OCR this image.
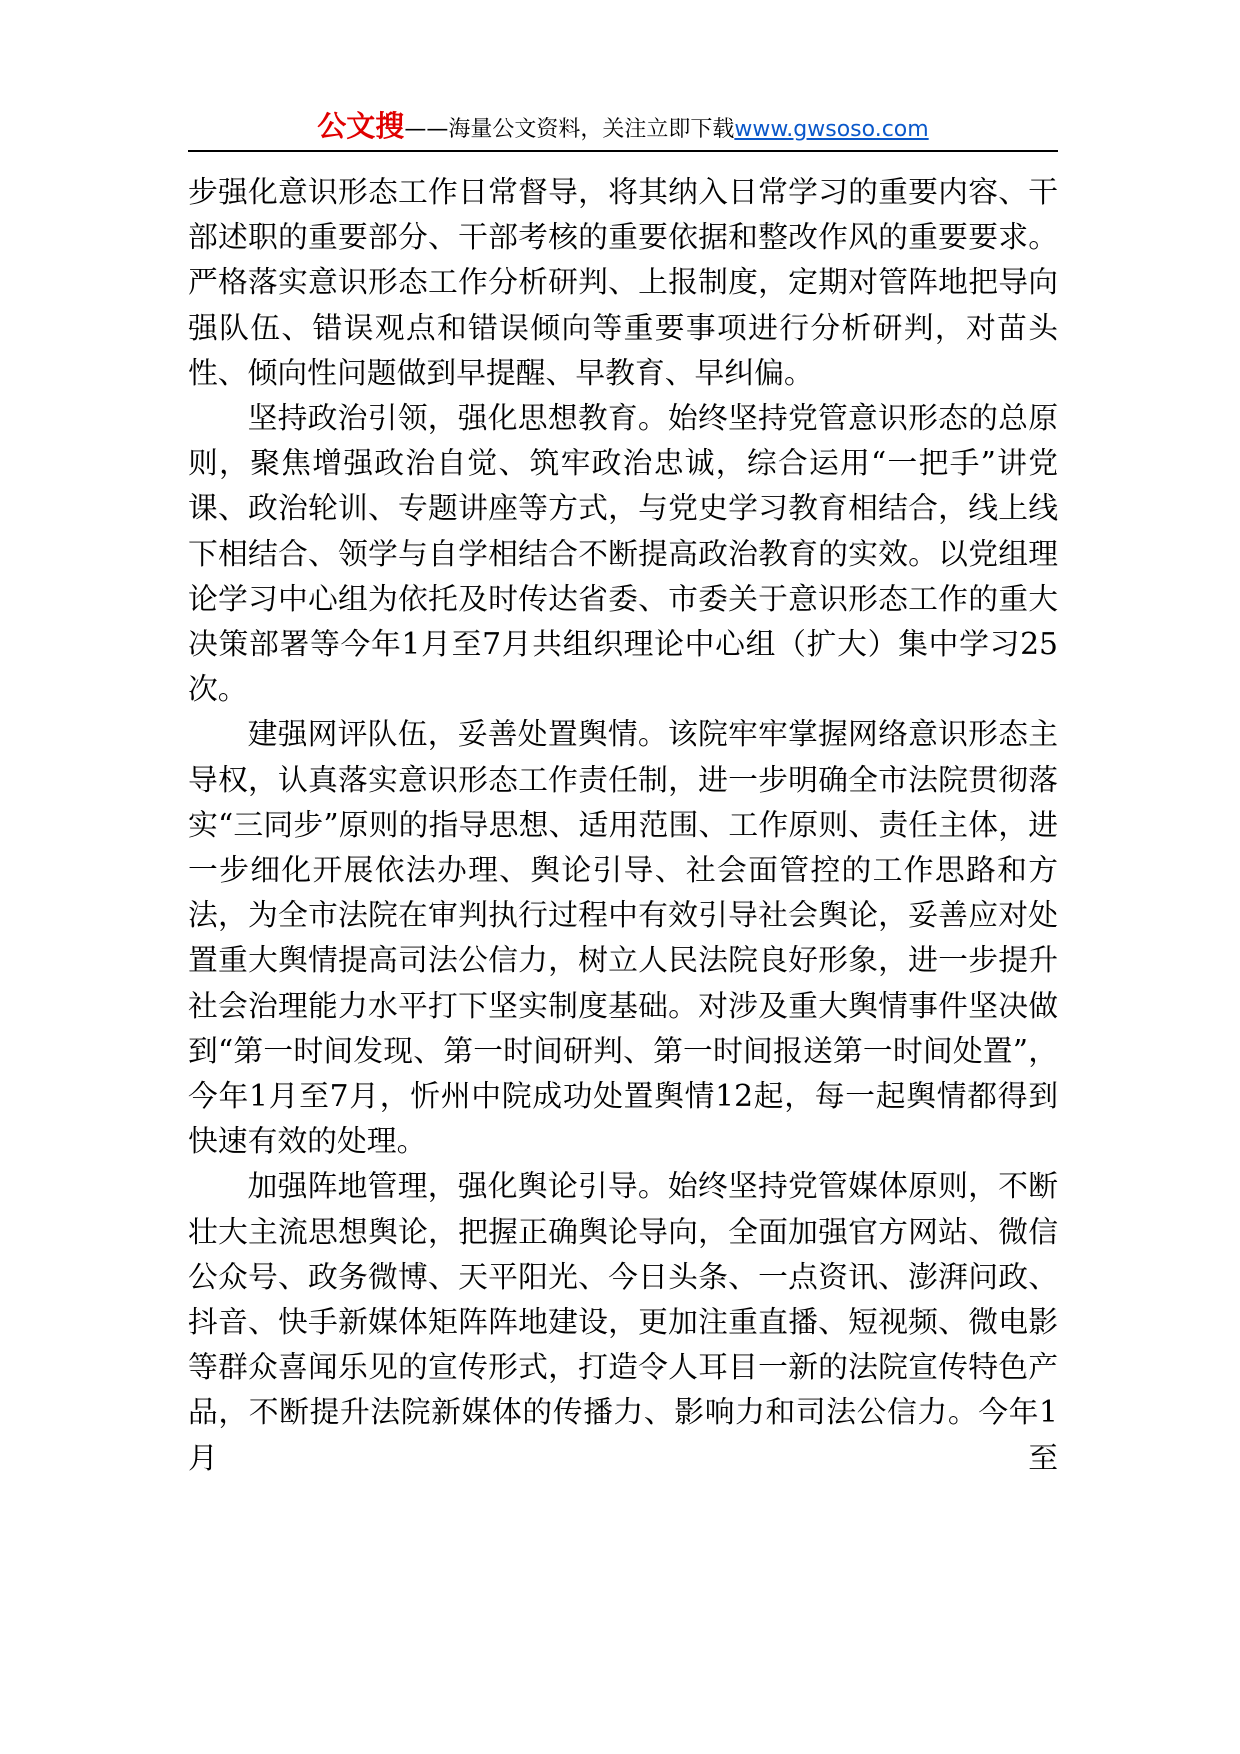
公文搜——海量公文资料，关注立即下载www.gwsoso.com

步强化意识形态工作日常督导，将其纳入日常学习的重要内容、干部述职的重要部分、干部考核的重要依据和整改作风的重要要求。严格落实意识形态工作分析研判、上报制度，定期对管阵地把导向强队伍、错误观点和错误倾向等重要事项进行分析研判，对苗头性、倾向性问题做到早提醒、早教育、早纠偏。

坚持政治引领，强化思想教育。始终坚持党管意识形态的总原则，聚焦增强政治自觉、筑牢政治忠诚，综合运用“一把手”讲党课、政治轮训、专题讲座等方式，与党史学习教育相结合，线上线下相结合、领学与自学相结合不断提高政治教育的实效。以党组理论学习中心组为依托及时传达省委、市委关于意识形态工作的重大决策部署等今年1月至7月共组织理论中心组（扩大）集中学习25次。

建强网评队伍，妥善处置舆情。该院牢牢掌握网络意识形态主导权，认真落实意识形态工作责任制，进一步明确全市法院贯彻落实“三同步”原则的指导思想、适用范围、工作原则、责任主体，进一步细化开展依法办理、舆论引导、社会面管控的工作思路和方法，为全市法院在审判执行过程中有效引导社会舆论，妥善应对处置重大舆情提高司法公信力，树立人民法院良好形象，进一步提升社会治理能力水平打下坚实制度基础。对涉及重大舆情事件坚决做到“第一时间发现、第一时间研判、第一时间报送第一时间处置”，今年1月至7月，忻州中院成功处置舆情12起，每一起舆情都得到快速有效的处理。

加强阵地管理，强化舆论引导。始终坚持党管媒体原则，不断壮大主流思想舆论，把握正确舆论导向，全面加强官方网站、微信公众号、政务微博、天平阳光、今日头条、一点资讯、澎湃问政、抖音、快手新媒体矩阵阵地建设，更加注重直播、短视频、微电影等群众喜闻乐见的宣传形式，打造令人耳目一新的法院宣传特色产品，不断提升法院新媒体的传播力、影响力和司法公信力。今年1月至
